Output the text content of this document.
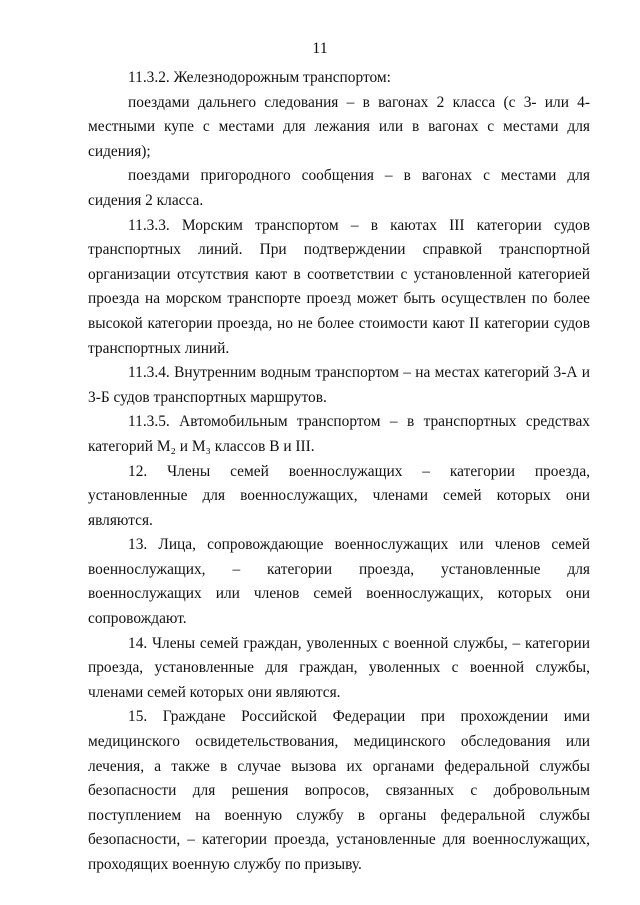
11

11.3.2. Железнодорожным транспортом:

поездами дальнего следования – в вагонах 2 класса (с 3- или 4-местными купе с местами для лежания или в вагонах с местами для сидения);

поездами пригородного сообщения – в вагонах с местами для сидения 2 класса.

11.3.3. Морским транспортом – в каютах III категории судов транспортных линий. При подтверждении справкой транспортной организации отсутствия кают в соответствии с установленной категорией проезда на морском транспорте проезд может быть осуществлен по более высокой категории проезда, но не более стоимости кают II категории судов транспортных линий.

11.3.4. Внутренним водным транспортом – на местах категорий 3-А и 3-Б судов транспортных маршрутов.

11.3.5. Автомобильным транспортом – в транспортных средствах категорий M₂ и M₃ классов B и III.

12. Члены семей военнослужащих – категории проезда, установленные для военнослужащих, членами семей которых они являются.

13. Лица, сопровождающие военнослужащих или членов семей военнослужащих, – категории проезда, установленные для военнослужащих или членов семей военнослужащих, которых они сопровождают.

14. Члены семей граждан, уволенных с военной службы, – категории проезда, установленные для граждан, уволенных с военной службы, членами семей которых они являются.

15. Граждане Российской Федерации при прохождении ими медицинского освидетельствования, медицинского обследования или лечения, а также в случае вызова их органами федеральной службы безопасности для решения вопросов, связанных с добровольным поступлением на военную службу в органы федеральной службы безопасности, – категории проезда, установленные для военнослужащих, проходящих военную службу по призыву.
